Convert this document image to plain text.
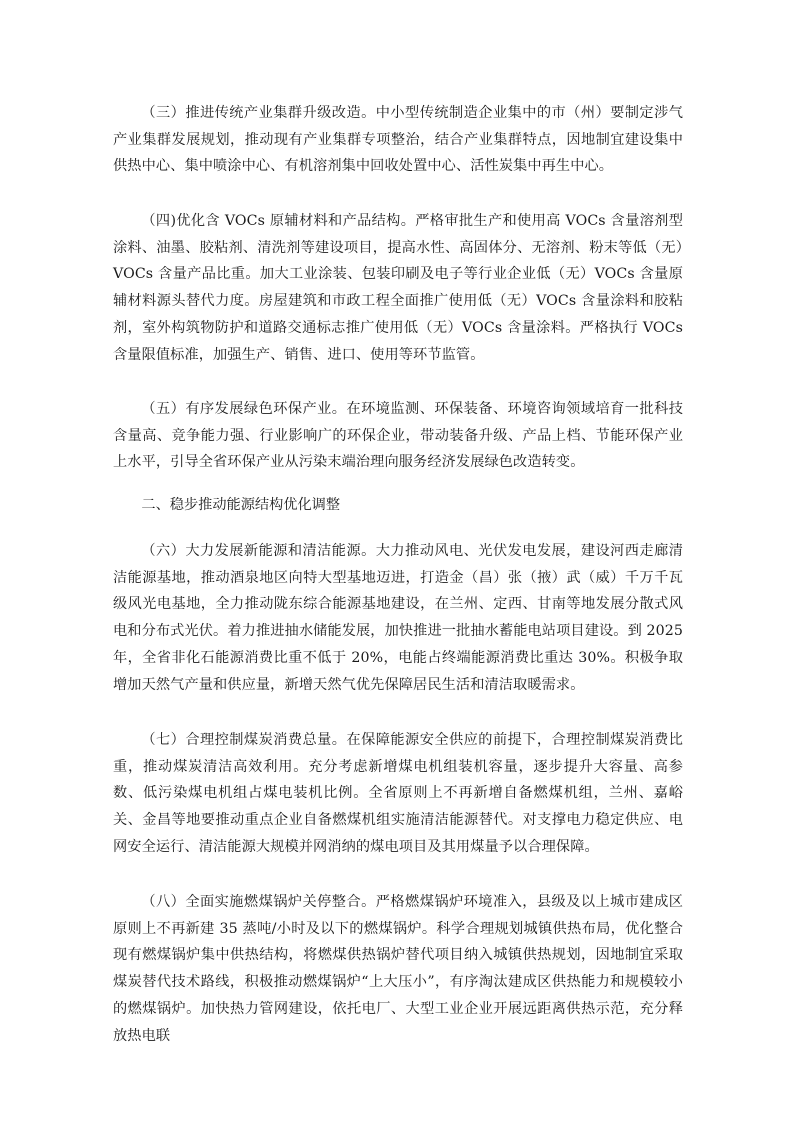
（三）推进传统产业集群升级改造。中小型传统制造企业集中的市（州）要制定涉气产业集群发展规划，推动现有产业集群专项整治，结合产业集群特点，因地制宜建设集中供热中心、集中喷涂中心、有机溶剂集中回收处置中心、活性炭集中再生中心。

（四)优化含 VOCs 原辅材料和产品结构。严格审批生产和使用高 VOCs 含量溶剂型涂料、油墨、胶粘剂、清洗剂等建设项目，提高水性、高固体分、无溶剂、粉末等低（无）VOCs 含量产品比重。加大工业涂装、包装印刷及电子等行业企业低（无）VOCs 含量原辅材料源头替代力度。房屋建筑和市政工程全面推广使用低（无）VOCs 含量涂料和胶粘剂，室外构筑物防护和道路交通标志推广使用低（无）VOCs 含量涂料。严格执行 VOCs 含量限值标准，加强生产、销售、进口、使用等环节监管。

（五）有序发展绿色环保产业。在环境监测、环保装备、环境咨询领域培育一批科技含量高、竞争能力强、行业影响广的环保企业，带动装备升级、产品上档、节能环保产业上水平，引导全省环保产业从污染末端治理向服务经济发展绿色改造转变。

二、稳步推动能源结构优化调整

（六）大力发展新能源和清洁能源。大力推动风电、光伏发电发展，建设河西走廊清洁能源基地，推动酒泉地区向特大型基地迈进，打造金（昌）张（掖）武（威）千万千瓦级风光电基地，全力推动陇东综合能源基地建设，在兰州、定西、甘南等地发展分散式风电和分布式光伏。着力推进抽水储能发展，加快推进一批抽水蓄能电站项目建设。到 2025 年，全省非化石能源消费比重不低于 20%，电能占终端能源消费比重达 30%。积极争取增加天然气产量和供应量，新增天然气优先保障居民生活和清洁取暖需求。

（七）合理控制煤炭消费总量。在保障能源安全供应的前提下，合理控制煤炭消费比重，推动煤炭清洁高效利用。充分考虑新增煤电机组装机容量，逐步提升大容量、高参数、低污染煤电机组占煤电装机比例。全省原则上不再新增自备燃煤机组，兰州、嘉峪关、金昌等地要推动重点企业自备燃煤机组实施清洁能源替代。对支撑电力稳定供应、电网安全运行、清洁能源大规模并网消纳的煤电项目及其用煤量予以合理保障。

（八）全面实施燃煤锅炉关停整合。严格燃煤锅炉环境准入，县级及以上城市建成区原则上不再新建 35 蒸吨/小时及以下的燃煤锅炉。科学合理规划城镇供热布局，优化整合现有燃煤锅炉集中供热结构，将燃煤供热锅炉替代项目纳入城镇供热规划，因地制宜采取煤炭替代技术路线，积极推动燃煤锅炉“上大压小”，有序淘汰建成区供热能力和规模较小的燃煤锅炉。加快热力管网建设，依托电厂、大型工业企业开展远距离供热示范，充分释放热电联
